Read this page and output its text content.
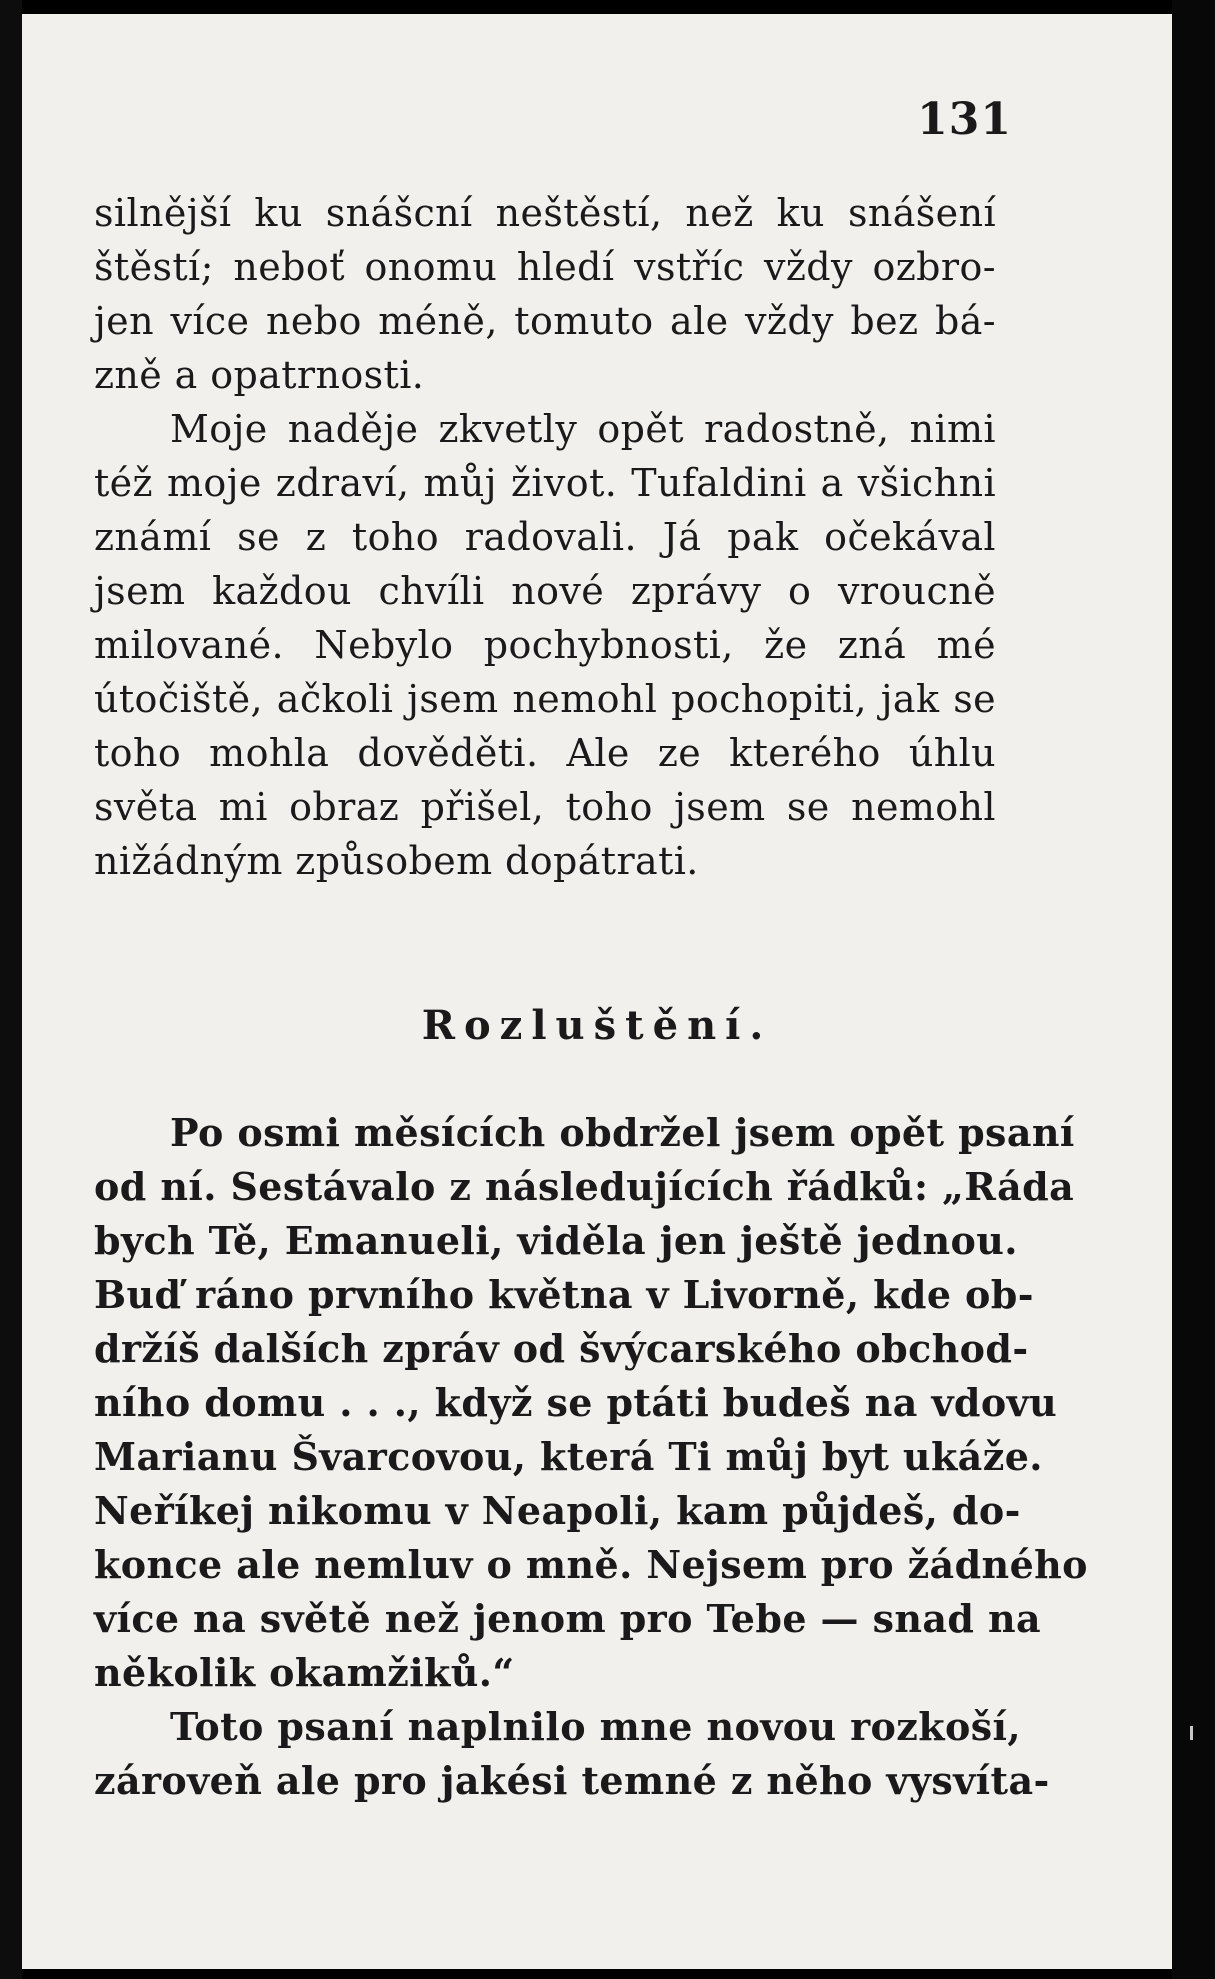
131
silnější ku snášcní neštěstí, než ku snášení
štěstí; neboť onomu hledí vstříc vždy ozbro-
jen více nebo méně, tomuto ale vždy bez bá-
zně a opatrnosti.
Moje naděje zkvetly opět radostně, nimi
též moje zdraví, můj život. Tufaldini a všichni
známí se z toho radovali. Já pak očekával
jsem každou chvíli nové zprávy o vroucně
milované. Nebylo pochybnosti, že zná mé
útočiště, ačkoli jsem nemohl pochopiti, jak se
toho mohla dověděti. Ale ze kterého úhlu
světa mi obraz přišel, toho jsem se nemohl
nižádným způsobem dopátrati.
Rozluštění.
Po osmi měsících obdržel jsem opět psaní
od ní. Sestávalo z následujících řádků: „Ráda
bych Tě, Emanueli, viděla jen ještě jednou.
Buď ráno prvního května v Livorně, kde ob-
držíš dalších zpráv od švýcarského obchod-
ního domu . . ., když se ptáti budeš na vdovu
Marianu Švarcovou, která Ti můj byt ukáže.
Neříkej nikomu v Neapoli, kam půjdeš, do-
konce ale nemluv o mně. Nejsem pro žádného
více na světě než jenom pro Tebe — snad na
několik okamžiků.“
Toto psaní naplnilo mne novou rozkoší,
zároveň ale pro jakési temné z něho vysvíta-
